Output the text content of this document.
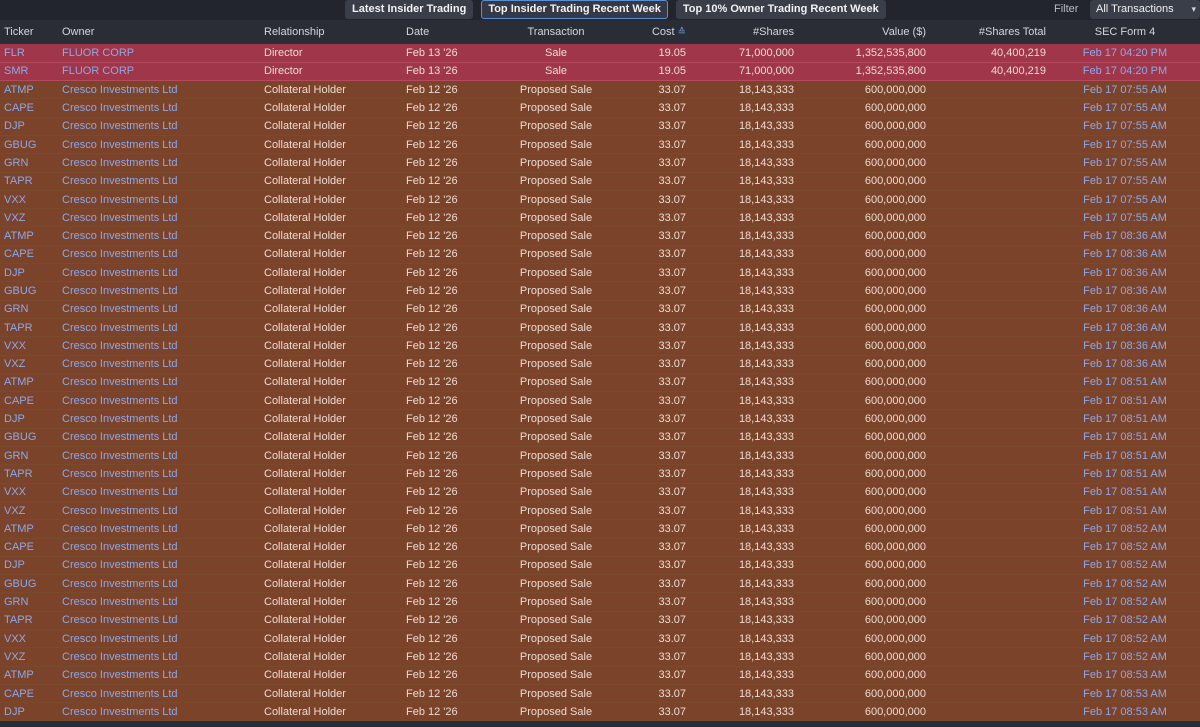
Latest Insider Trading	Top Insider Trading Recent Week	Top 10% Owner Trading Recent Week	Filter	All Transactions ▾
Ticker	Owner	Relationship	Date	Transaction	Cost ≙	#Shares	Value ($)	#Shares Total	SEC Form 4
FLR	FLUOR CORP	Director	Feb 13 '26	Sale	19.05	71,000,000	1,352,535,800	40,400,219	Feb 17 04:20 PM
SMR	FLUOR CORP	Director	Feb 13 '26	Sale	19.05	71,000,000	1,352,535,800	40,400,219	Feb 17 04:20 PM
ATMP	Cresco Investments Ltd	Collateral Holder	Feb 12 '26	Proposed Sale	33.07	18,143,333	600,000,000		Feb 17 07:55 AM
CAPE	Cresco Investments Ltd	Collateral Holder	Feb 12 '26	Proposed Sale	33.07	18,143,333	600,000,000		Feb 17 07:55 AM
DJP	Cresco Investments Ltd	Collateral Holder	Feb 12 '26	Proposed Sale	33.07	18,143,333	600,000,000		Feb 17 07:55 AM
GBUG	Cresco Investments Ltd	Collateral Holder	Feb 12 '26	Proposed Sale	33.07	18,143,333	600,000,000		Feb 17 07:55 AM
GRN	Cresco Investments Ltd	Collateral Holder	Feb 12 '26	Proposed Sale	33.07	18,143,333	600,000,000		Feb 17 07:55 AM
TAPR	Cresco Investments Ltd	Collateral Holder	Feb 12 '26	Proposed Sale	33.07	18,143,333	600,000,000		Feb 17 07:55 AM
VXX	Cresco Investments Ltd	Collateral Holder	Feb 12 '26	Proposed Sale	33.07	18,143,333	600,000,000		Feb 17 07:55 AM
VXZ	Cresco Investments Ltd	Collateral Holder	Feb 12 '26	Proposed Sale	33.07	18,143,333	600,000,000		Feb 17 07:55 AM
ATMP	Cresco Investments Ltd	Collateral Holder	Feb 12 '26	Proposed Sale	33.07	18,143,333	600,000,000		Feb 17 08:36 AM
CAPE	Cresco Investments Ltd	Collateral Holder	Feb 12 '26	Proposed Sale	33.07	18,143,333	600,000,000		Feb 17 08:36 AM
DJP	Cresco Investments Ltd	Collateral Holder	Feb 12 '26	Proposed Sale	33.07	18,143,333	600,000,000		Feb 17 08:36 AM
GBUG	Cresco Investments Ltd	Collateral Holder	Feb 12 '26	Proposed Sale	33.07	18,143,333	600,000,000		Feb 17 08:36 AM
GRN	Cresco Investments Ltd	Collateral Holder	Feb 12 '26	Proposed Sale	33.07	18,143,333	600,000,000		Feb 17 08:36 AM
TAPR	Cresco Investments Ltd	Collateral Holder	Feb 12 '26	Proposed Sale	33.07	18,143,333	600,000,000		Feb 17 08:36 AM
VXX	Cresco Investments Ltd	Collateral Holder	Feb 12 '26	Proposed Sale	33.07	18,143,333	600,000,000		Feb 17 08:36 AM
VXZ	Cresco Investments Ltd	Collateral Holder	Feb 12 '26	Proposed Sale	33.07	18,143,333	600,000,000		Feb 17 08:36 AM
ATMP	Cresco Investments Ltd	Collateral Holder	Feb 12 '26	Proposed Sale	33.07	18,143,333	600,000,000		Feb 17 08:51 AM
CAPE	Cresco Investments Ltd	Collateral Holder	Feb 12 '26	Proposed Sale	33.07	18,143,333	600,000,000		Feb 17 08:51 AM
DJP	Cresco Investments Ltd	Collateral Holder	Feb 12 '26	Proposed Sale	33.07	18,143,333	600,000,000		Feb 17 08:51 AM
GBUG	Cresco Investments Ltd	Collateral Holder	Feb 12 '26	Proposed Sale	33.07	18,143,333	600,000,000		Feb 17 08:51 AM
GRN	Cresco Investments Ltd	Collateral Holder	Feb 12 '26	Proposed Sale	33.07	18,143,333	600,000,000		Feb 17 08:51 AM
TAPR	Cresco Investments Ltd	Collateral Holder	Feb 12 '26	Proposed Sale	33.07	18,143,333	600,000,000		Feb 17 08:51 AM
VXX	Cresco Investments Ltd	Collateral Holder	Feb 12 '26	Proposed Sale	33.07	18,143,333	600,000,000		Feb 17 08:51 AM
VXZ	Cresco Investments Ltd	Collateral Holder	Feb 12 '26	Proposed Sale	33.07	18,143,333	600,000,000		Feb 17 08:51 AM
ATMP	Cresco Investments Ltd	Collateral Holder	Feb 12 '26	Proposed Sale	33.07	18,143,333	600,000,000		Feb 17 08:52 AM
CAPE	Cresco Investments Ltd	Collateral Holder	Feb 12 '26	Proposed Sale	33.07	18,143,333	600,000,000		Feb 17 08:52 AM
DJP	Cresco Investments Ltd	Collateral Holder	Feb 12 '26	Proposed Sale	33.07	18,143,333	600,000,000		Feb 17 08:52 AM
GBUG	Cresco Investments Ltd	Collateral Holder	Feb 12 '26	Proposed Sale	33.07	18,143,333	600,000,000		Feb 17 08:52 AM
GRN	Cresco Investments Ltd	Collateral Holder	Feb 12 '26	Proposed Sale	33.07	18,143,333	600,000,000		Feb 17 08:52 AM
TAPR	Cresco Investments Ltd	Collateral Holder	Feb 12 '26	Proposed Sale	33.07	18,143,333	600,000,000		Feb 17 08:52 AM
VXX	Cresco Investments Ltd	Collateral Holder	Feb 12 '26	Proposed Sale	33.07	18,143,333	600,000,000		Feb 17 08:52 AM
VXZ	Cresco Investments Ltd	Collateral Holder	Feb 12 '26	Proposed Sale	33.07	18,143,333	600,000,000		Feb 17 08:52 AM
ATMP	Cresco Investments Ltd	Collateral Holder	Feb 12 '26	Proposed Sale	33.07	18,143,333	600,000,000		Feb 17 08:53 AM
CAPE	Cresco Investments Ltd	Collateral Holder	Feb 12 '26	Proposed Sale	33.07	18,143,333	600,000,000		Feb 17 08:53 AM
DJP	Cresco Investments Ltd	Collateral Holder	Feb 12 '26	Proposed Sale	33.07	18,143,333	600,000,000		Feb 17 08:53 AM
